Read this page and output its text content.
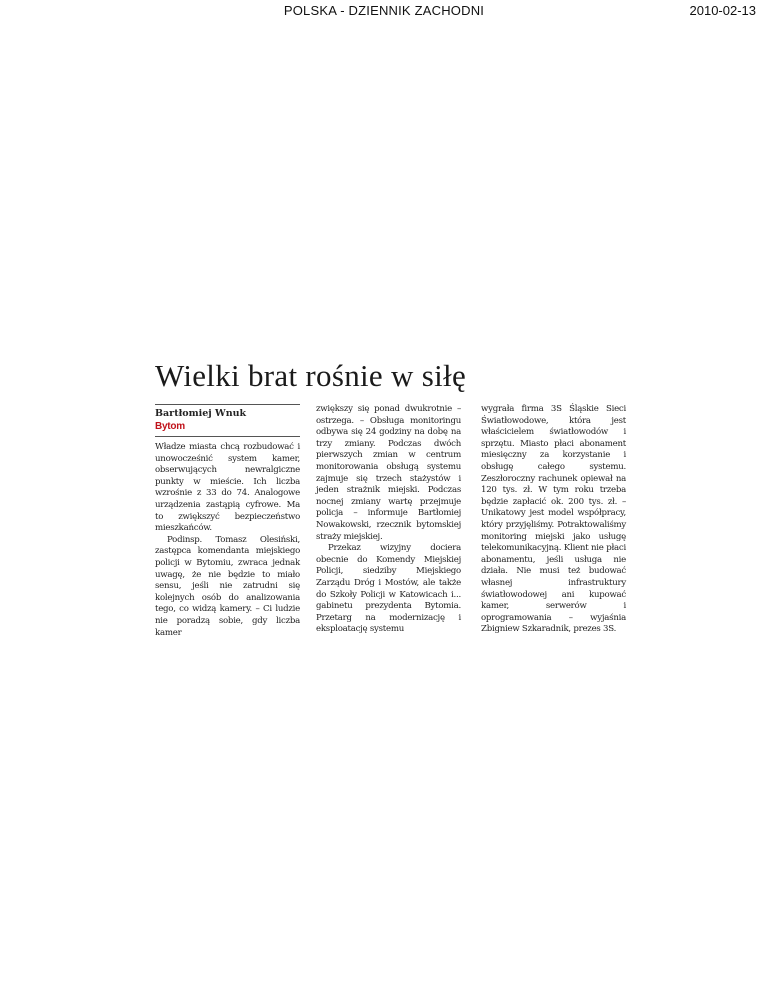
POLSKA - DZIENNIK ZACHODNI	2010-02-13
Wielki brat rośnie w siłę
Bartłomiej Wnuk
Bytom

Władze miasta chcą rozbudować i unowocześnić system kamer, obserwujących newralgiczne punkty w mieście. Ich liczba wzrośnie z 33 do 74. Analogowe urządzenia zastąpią cyfrowe. Ma to zwiększyć bezpieczeństwo mieszkańców.

Podinsp. Tomasz Olesiński, zastępca komendanta miejskiego policji w Bytomiu, zwraca jednak uwagę, że nie będzie to miało sensu, jeśli nie zatrudni się kolejnych osób do analizowania tego, co widzą kamery. – Ci ludzie nie poradzą sobie, gdy liczba kamer

zwiększy się ponad dwukrotnie – ostrzega. – Obsługa monitoringu odbywa się 24 godziny na dobę na trzy zmiany. Podczas dwóch pierwszych zmian w centrum monitorowania obsługą systemu zajmuje się trzech stażystów i jeden strażnik miejski. Podczas nocnej zmiany wartę przejmuje policja – informuje Bartłomiej Nowakowski, rzecznik bytomskiej straży miejskiej.

Przekaz wizyjny dociera obecnie do Komendy Miejskiej Policji, siedziby Miejskiego Zarządu Dróg i Mostów, ale także do Szkoły Policji w Katowicach i... gabinetu prezydenta Bytomia. Przetarg na modernizację i eksploatację systemu

wygrała firma 3S Śląskie Sieci Światłowodowe, która jest właścicielem światłowodów i sprzętu. Miasto płaci abonament miesięczny za korzystanie i obsługę całego systemu. Zeszłoroczny rachunek opiewał na 120 tys. zł. W tym roku trzeba będzie zapłacić ok. 200 tys. zł. – Unikatowy jest model współpracy, który przyjęliśmy. Potraktowaliśmy monitoring miejski jako usługę telekomunikacyjną. Klient nie płaci abonamentu, jeśli usługa nie działa. Nie musi też budować własnej infrastruktury światłowodowej ani kupować kamer, serwerów i oprogramowania – wyjaśnia Zbigniew Szkaradnik, prezes 3S.
